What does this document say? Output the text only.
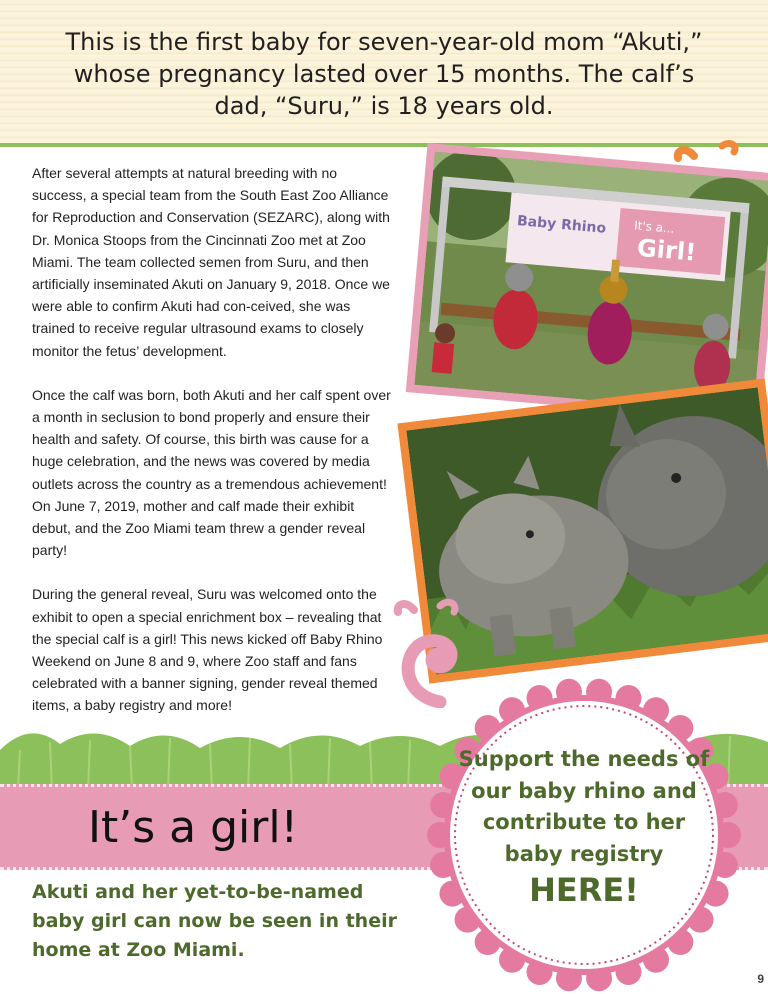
This is the first baby for seven-year-old mom “Akuti,” whose pregnancy lasted over 15 months. The calf’s dad, “Suru,” is 18 years old.

After several attempts at natural breeding with no success, a special team from the South East Zoo Alliance for Reproduction and Conservation (SEZARC), along with Dr. Monica Stoops from the Cincinnati Zoo met at Zoo Miami. The team collected semen from Suru, and then artificially inseminated Akuti on January 9, 2018. Once we were able to confirm Akuti had con-ceived, she was trained to receive regular ultrasound exams to closely monitor the fetus’ development.

Once the calf was born, both Akuti and her calf spent over a month in seclusion to bond properly and ensure their health and safety. Of course, this birth was cause for a huge celebration, and the news was covered by media outlets across the country as a tremendous achievement! On June 7, 2019, mother and calf made their exhibit debut, and the Zoo Miami team threw a gender reveal party!

During the general reveal, Suru was welcomed onto the exhibit to open a special enrichment box – revealing that the special calf is a girl! This news kicked off Baby Rhino Weekend on June 8 and 9, where Zoo staff and fans celebrated with a banner signing, gender reveal themed items, a baby registry and more!

Baby Rhino It's a...
Girl!
It’s a girl!
Akuti and her yet-to-be-named baby girl can now be seen in their home at Zoo Miami.
Support the needs of our baby rhino and contribute to her baby registry
HERE!
9
